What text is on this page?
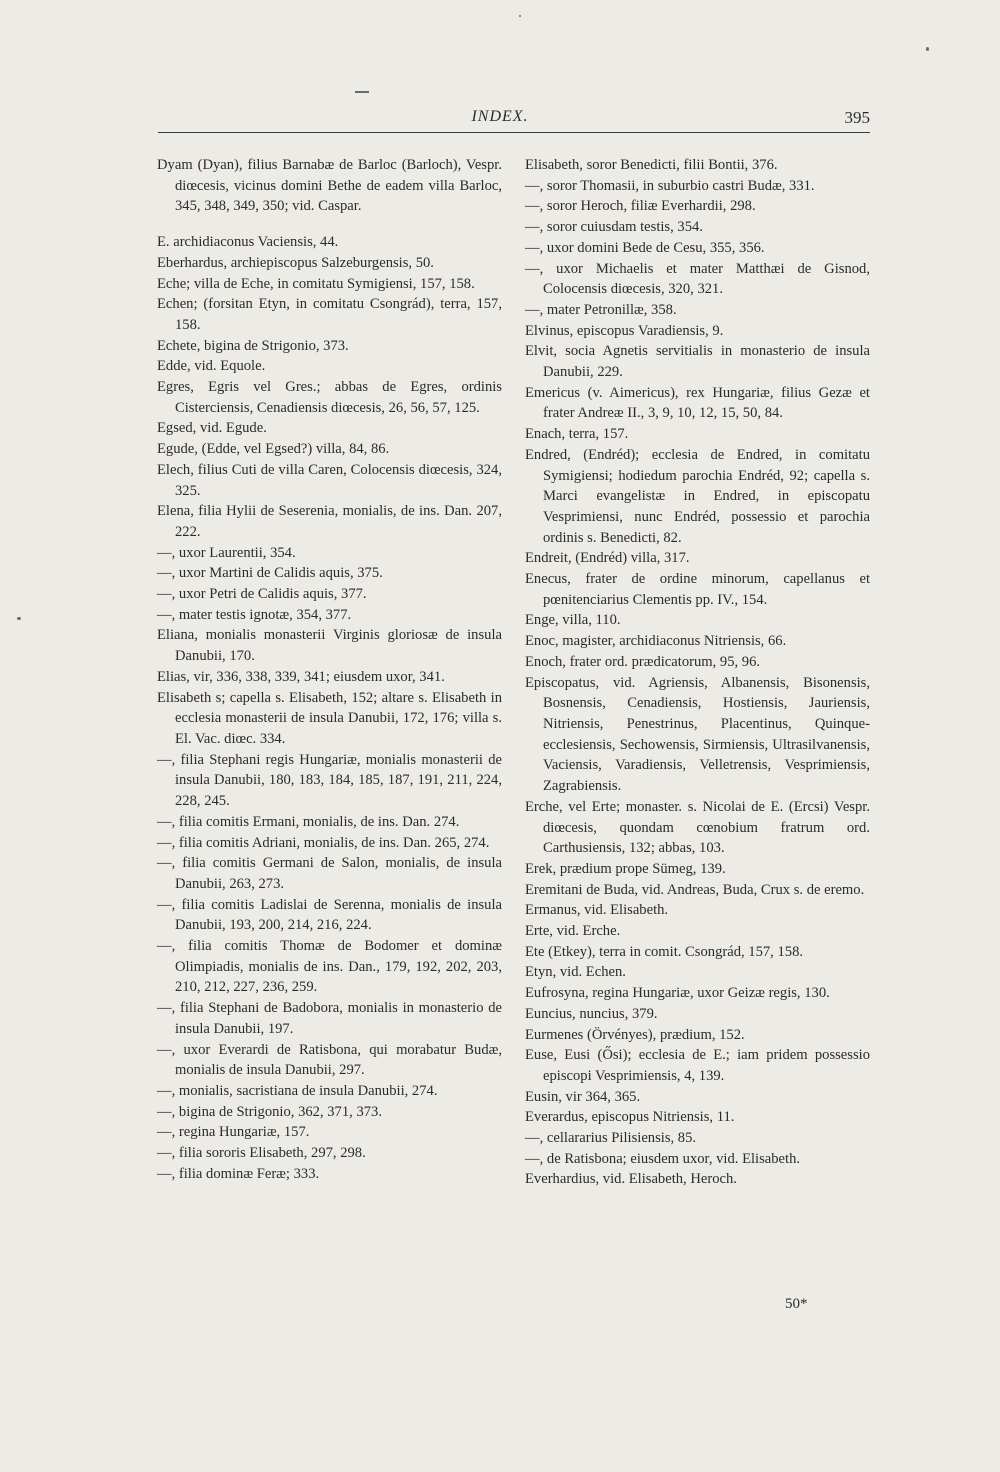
INDEX.	395
Dyam (Dyan), filius Barnabæ de Barloc (Barloch), Vespr. diœcesis, vicinus domini Bethe de eadem villa Barloc, 345, 348, 349, 350; vid. Caspar.
E. archidiaconus Vaciensis, 44.
Eberhardus, archiepiscopus Salzeburgensis, 50.
Eche; villa de Eche, in comitatu Symigiensi, 157, 158.
Echen; (forsitan Etyn, in comitatu Csongrád), terra, 157, 158.
Echete, bigina de Strigonio, 373.
Edde, vid. Equole.
Egres, Egris vel Gres.; abbas de Egres, ordinis Cisterciensis, Cenadiensis diœcesis, 26, 56, 57, 125.
Egsed, vid. Egude.
Egude, (Edde, vel Egsed?) villa, 84, 86.
Elech, filius Cuti de villa Caren, Colocensis diœcesis, 324, 325.
Elena, filia Hylii de Seserenia, monialis, de ins. Dan. 207, 222.
—, uxor Laurentii, 354.
—, uxor Martini de Calidis aquis, 375.
—, uxor Petri de Calidis aquis, 377.
—, mater testis ignotæ, 354, 377.
Eliana, monialis monasterii Virginis gloriosæ de insula Danubii, 170.
Elias, vir, 336, 338, 339, 341; eiusdem uxor, 341.
Elisabeth s; capella s. Elisabeth, 152; altare s. Elisabeth in ecclesia monasterii de insula Danubii, 172, 176; villa s. El. Vac. diœc. 334.
—, filia Stephani regis Hungariæ, monialis monasterii de insula Danubii, 180, 183, 184, 185, 187, 191, 211, 224, 228, 245.
—, filia comitis Ermani, monialis, de ins. Dan. 274.
—, filia comitis Adriani, monialis, de ins. Dan. 265, 274.
—, filia comitis Germani de Salon, monialis, de insula Danubii, 263, 273.
—, filia comitis Ladislai de Serenna, monialis de insula Danubii, 193, 200, 214, 216, 224.
—, filia comitis Thomæ de Bodomer et dominæ Olimpiadis, monialis de ins. Dan., 179, 192, 202, 203, 210, 212, 227, 236, 259.
—, filia Stephani de Badobora, monialis in monasterio de insula Danubii, 197.
—, uxor Everardi de Ratisbona, qui morabatur Budæ, monialis de insula Danubii, 297.
—, monialis, sacristiana de insula Danubii, 274.
—, bigina de Strigonio, 362, 371, 373.
—, regina Hungariæ, 157.
—, filia sororis Elisabeth, 297, 298.
—, filia dominæ Feræ; 333.
Elisabeth, soror Benedicti, filii Bontii, 376.
—, soror Thomasii, in suburbio castri Budæ, 331.
—, soror Heroch, filiæ Everhardii, 298.
—, soror cuiusdam testis, 354.
—, uxor domini Bede de Cesu, 355, 356.
—, uxor Michaelis et mater Matthæi de Gisnod, Colocensis diœcesis, 320, 321.
—, mater Petronillæ, 358.
Elvinus, episcopus Varadiensis, 9.
Elvit, socia Agnetis servitialis in monasterio de insula Danubii, 229.
Emericus (v. Aimericus), rex Hungariæ, filius Gezæ et frater Andreæ II., 3, 9, 10, 12, 15, 50, 84.
Enach, terra, 157.
Endred, (Endréd); ecclesia de Endred, in comitatu Symigiensi; hodiedum parochia Endréd, 92; capella s. Marci evangelistæ in Endred, in episcopatu Vesprimiensi, nunc Endréd, possessio et parochia ordinis s. Benedicti, 82.
Endreit, (Endréd) villa, 317.
Enecus, frater de ordine minorum, capellanus et pœnitenciarius Clementis pp. IV., 154.
Enge, villa, 110.
Enoc, magister, archidiaconus Nitriensis, 66.
Enoch, frater ord. prædicatorum, 95, 96.
Episcopatus, vid. Agriensis, Albanensis, Bisonensis, Bosnensis, Cenadiensis, Hostiensis, Jauriensis, Nitriensis, Penestrinus, Placentinus, Quinque-ecclesiensis, Sechowensis, Sirmiensis, Ultrasilvanensis, Vaciensis, Varadiensis, Velletrensis, Vesprimiensis, Zagrabiensis.
Erche, vel Erte; monaster. s. Nicolai de E. (Ercsi) Vespr. diœcesis, quondam cœnobium fratrum ord. Carthusiensis, 132; abbas, 103.
Erek, prædium prope Sümeg, 139.
Eremitani de Buda, vid. Andreas, Buda, Crux s. de eremo.
Ermanus, vid. Elisabeth.
Erte, vid. Erche.
Ete (Etkey), terra in comit. Csongrád, 157, 158.
Etyn, vid. Echen.
Eufrosyna, regina Hungariæ, uxor Geizæ regis, 130.
Euncius, nuncius, 379.
Eurmenes (Örvényes), prædium, 152.
Euse, Eusi (Ősi); ecclesia de E.; iam pridem possessio episcopi Vesprimiensis, 4, 139.
Eusin, vir 364, 365.
Everardus, episcopus Nitriensis, 11.
—, cellararius Pilisiensis, 85.
—, de Ratisbona; eiusdem uxor, vid. Elisabeth.
Everhardius, vid. Elisabeth, Heroch.
50*
